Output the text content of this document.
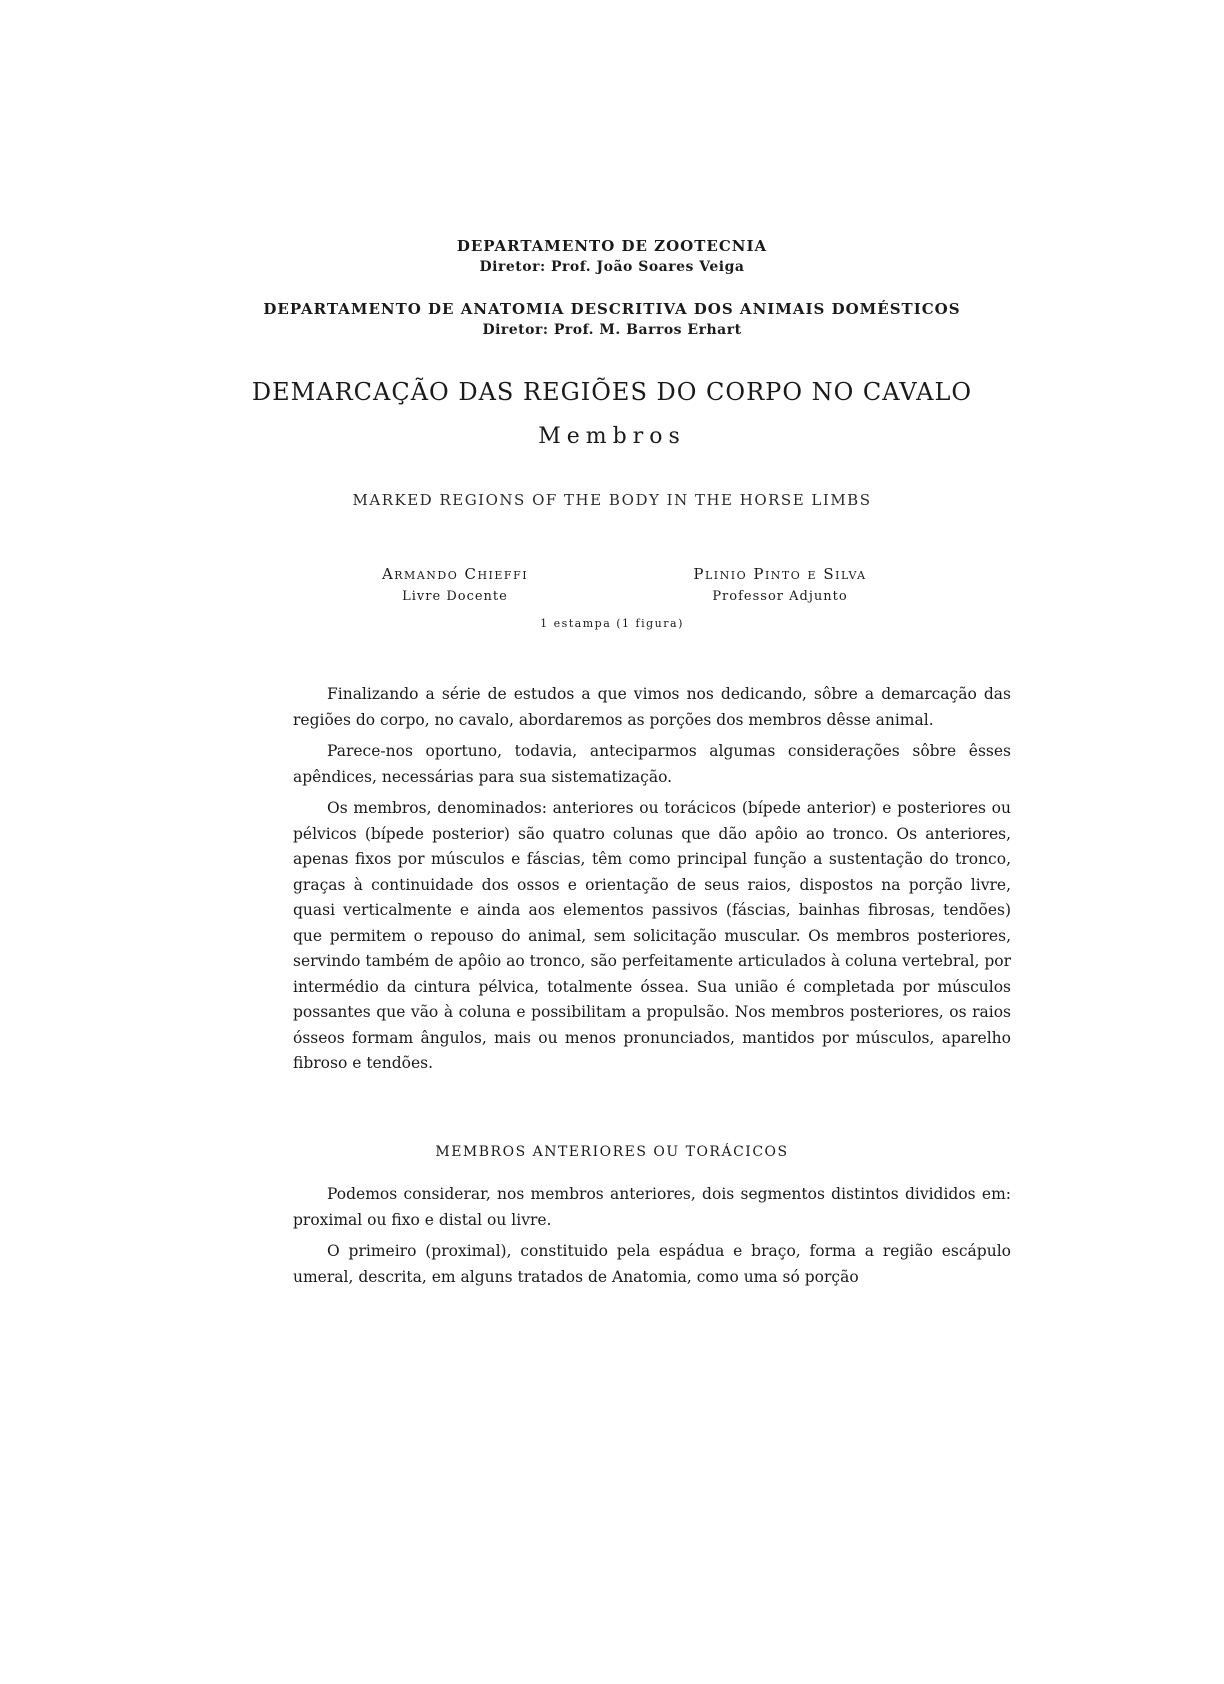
DEPARTAMENTO DE ZOOTECNIA
Diretor: Prof. João Soares Veiga
DEPARTAMENTO DE ANATOMIA DESCRITIVA DOS ANIMAIS DOMÉSTICOS
Diretor: Prof. M. Barros Erhart
DEMARCAÇÃO DAS REGIÕES DO CORPO NO CAVALO
Membros
MARKED REGIONS OF THE BODY IN THE HORSE LIMBS
Armando Chieffi
Livre Docente
Plinio Pinto e Silva
Professor Adjunto
1 estampa (1 figura)

Finalizando a série de estudos a que vimos nos dedicando, sôbre a demarcação das regiões do corpo, no cavalo, abordaremos as porções dos membros dêsse animal.

Parece-nos oportuno, todavia, anteciparmos algumas considerações sôbre êsses apêndices, necessárias para sua sistematização.

Os membros, denominados: anteriores ou torácicos (bípede anterior) e posteriores ou pélvicos (bípede posterior) são quatro colunas que dão apôio ao tronco. Os anteriores, apenas fixos por músculos e fáscias, têm como principal função a sustentação do tronco, graças à continuidade dos ossos e orientação de seus raios, dispostos na porção livre, quasi verticalmente e ainda aos elementos passivos (fáscias, bainhas fibrosas, tendões) que permitem o repouso do animal, sem solicitação muscular. Os membros posteriores, servindo também de apôio ao tronco, são perfeitamente articulados à coluna vertebral, por intermédio da cintura pélvica, totalmente óssea. Sua união é completada por músculos possantes que vão à coluna e possibilitam a propulsão. Nos membros posteriores, os raios ósseos formam ângulos, mais ou menos pronunciados, mantidos por músculos, aparelho fibroso e tendões.

MEMBROS ANTERIORES OU TORÁCICOS

Podemos considerar, nos membros anteriores, dois segmentos distintos divididos em: proximal ou fixo e distal ou livre.

O primeiro (proximal), constituido pela espádua e braço, forma a região escápulo umeral, descrita, em alguns tratados de Anatomia, como uma só porção
